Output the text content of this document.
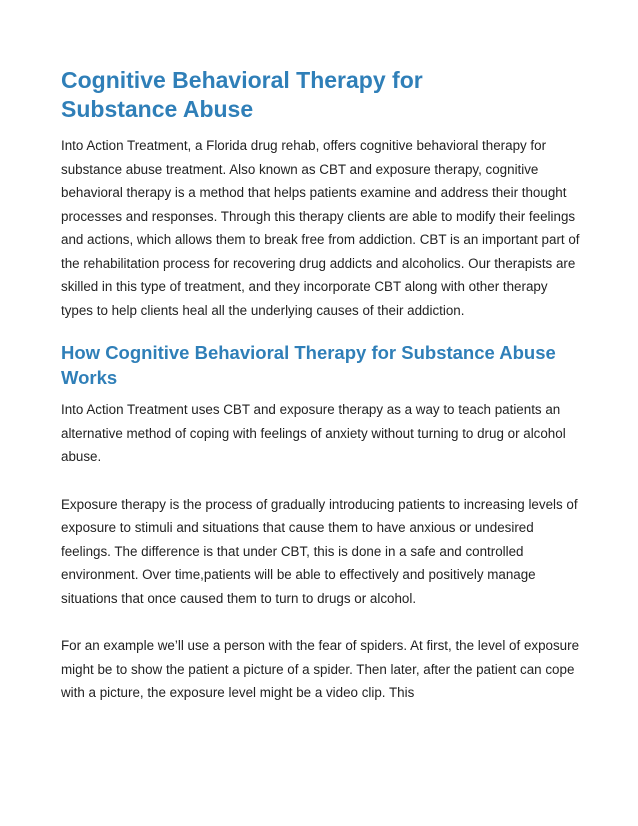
Cognitive Behavioral Therapy for Substance Abuse

Into Action Treatment, a Florida drug rehab, offers cognitive behavioral therapy for substance abuse treatment. Also known as CBT and exposure therapy, cognitive behavioral therapy is a method that helps patients examine and address their thought processes and responses. Through this therapy clients are able to modify their feelings and actions, which allows them to break free from addiction. CBT is an important part of the rehabilitation process for recovering drug addicts and alcoholics. Our therapists are skilled in this type of treatment, and they incorporate CBT along with other therapy types to help clients heal all the underlying causes of their addiction.

How Cognitive Behavioral Therapy for Substance Abuse Works

Into Action Treatment uses CBT and exposure therapy as a way to teach patients an alternative method of coping with feelings of anxiety without turning to drug or alcohol abuse.

Exposure therapy is the process of gradually introducing patients to increasing levels of exposure to stimuli and situations that cause them to have anxious or undesired feelings. The difference is that under CBT, this is done in a safe and controlled environment. Over time,patients will be able to effectively and positively manage situations that once caused them to turn to drugs or alcohol.

For an example we’ll use a person with the fear of spiders. At first, the level of exposure might be to show the patient a picture of a spider. Then later, after the patient can cope with a picture, the exposure level might be a video clip. This
